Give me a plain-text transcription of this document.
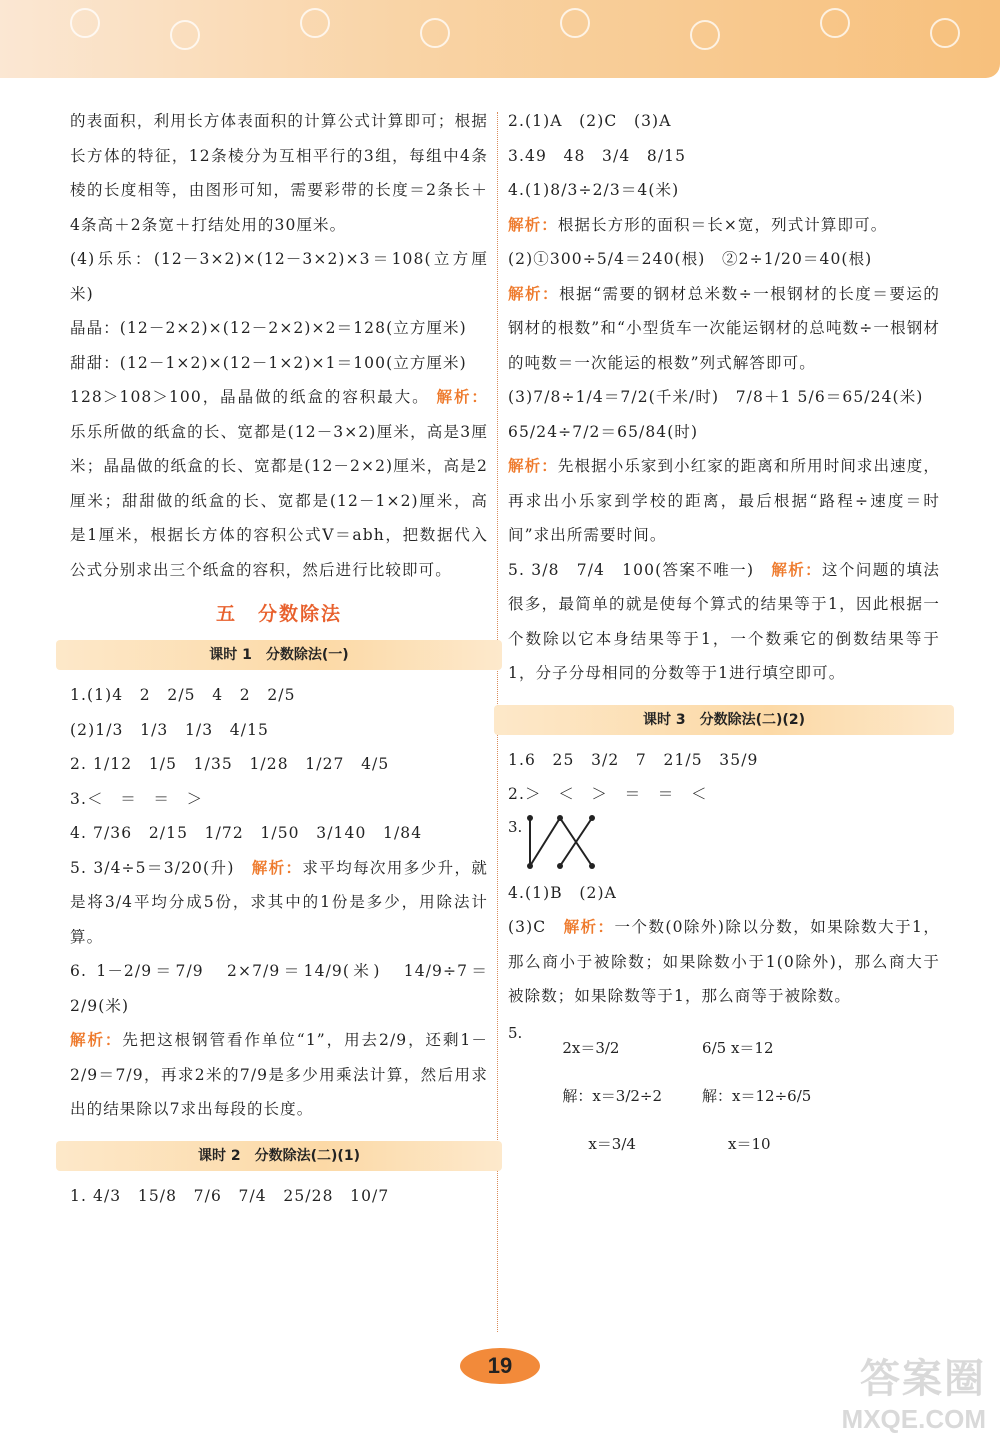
的表面积，利用长方体表面积的计算公式计算即可；根据长方体的特征，12条棱分为互相平行的3组，每组中4条棱的长度相等，由图形可知，需要彩带的长度＝2条长＋4条高＋2条宽＋打结处用的30厘米。

(4)乐乐：(12－3×2)×(12－3×2)×3＝108(立方厘米)

晶晶：(12－2×2)×(12－2×2)×2＝128(立方厘米)

甜甜：(12－1×2)×(12－1×2)×1＝100(立方厘米)

128＞108＞100，晶晶做的纸盒的容积最大。 解析：乐乐所做的纸盒的长、宽都是(12－3×2)厘米，高是3厘米；晶晶做的纸盒的长、宽都是(12－2×2)厘米，高是2厘米；甜甜做的纸盒的长、宽都是(12－1×2)厘米，高是1厘米，根据长方体的容积公式V＝abh，把数据代入公式分别求出三个纸盒的容积，然后进行比较即可。

五　分数除法
课时 1　分数除法(一)

1.(1)4　2　2/5　4　2　2/5

(2)1/3　1/3　1/3　4/15

2. 1/12　1/5　1/35　1/28　1/27　4/5

3.＜　＝　＝　＞

4. 7/36　2/15　1/72　1/50　3/140　1/84

5. 3/4÷5＝3/20(升)　 解析：求平均每次用多少升，就是将3/4平均分成5份，求其中的1份是多少，用除法计算。

6. 1－2/9＝7/9　2×7/9＝14/9(米)　14/9÷7＝2/9(米)

解析：先把这根钢管看作单位“1”，用去2/9，还剩1－2/9＝7/9，再求2米的7/9是多少用乘法计算，然后用求出的结果除以7求出每段的长度。

课时 2　分数除法(二)(1)

1. 4/3　15/8　7/6　7/4　25/28　10/7

2.(1)A　(2)C　(3)A

3.49　48　3/4　8/15

4.(1)8/3÷2/3＝4(米)

解析：根据长方形的面积＝长×宽，列式计算即可。

(2)①300÷5/4＝240(根)　②2÷1/20＝40(根)

解析：根据“需要的钢材总米数÷一根钢材的长度＝要运的钢材的根数”和“小型货车一次能运钢材的总吨数÷一根钢材的吨数＝一次能运的根数”列式解答即可。

(3)7/8÷1/4＝7/2(千米/时)　7/8＋1 5/6＝65/24(米)

65/24÷7/2＝65/84(时)

解析：先根据小乐家到小红家的距离和所用时间求出速度，再求出小乐家到学校的距离，最后根据“路程÷速度＝时间”求出所需要时间。

5. 3/8　7/4　100(答案不唯一)　 解析：这个问题的填法很多，最简单的就是使每个算式的结果等于1，因此根据一个数除以它本身结果等于1，一个数乘它的倒数结果等于1，分子分母相同的分数等于1进行填空即可。

课时 3　分数除法(二)(2)

1.6　25　3/2　7　21/5　35/9

2.＞　＜　＞　＝　＝　＜

3.

4.(1)B　(2)A

(3)C　 解析：一个数(0除外)除以分数，如果除数大于1，那么商小于被除数；如果除数小于1(0除外)，那么商大于被除数；如果除数等于1，那么商等于被除数。

5.
2x＝3/2
解：x＝3/2÷2
x＝3/4
6/5 x＝12
解：x＝12÷6/5
x＝10
19	答案圈
MXQE.COM
